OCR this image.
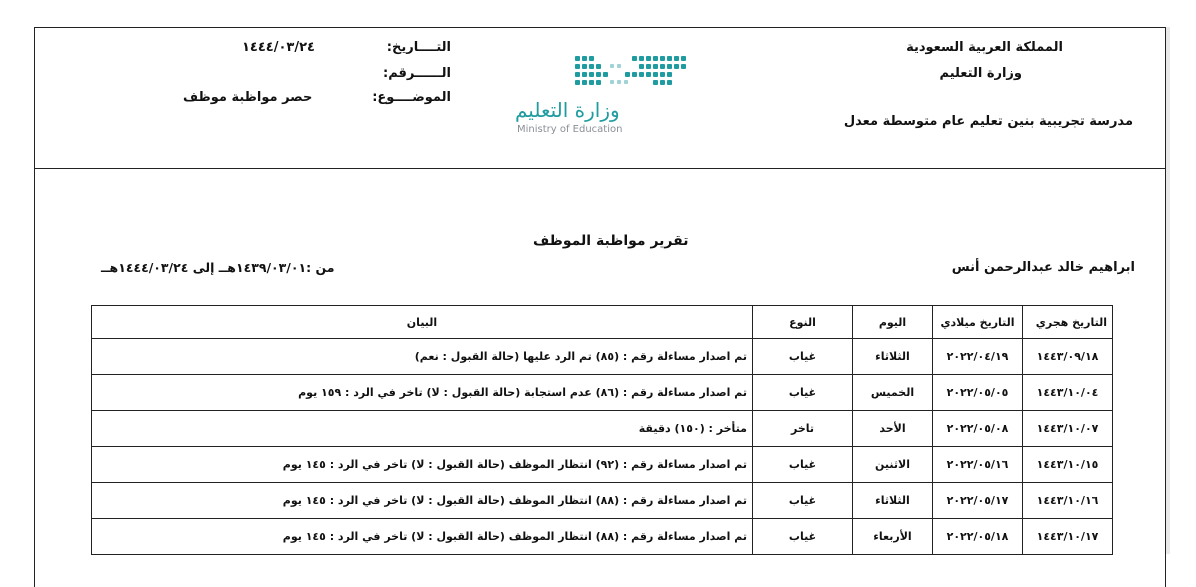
المملكة العربية السعودية
وزارة التعليم
مدرسة تجريبية بنين تعليم عام متوسطة معدل
وزارة التعليم
Ministry of Education
التــــاريخ:
١٤٤٤/٠٣/٢٤
الــــــرقم:
الموضــــوع:
حصر مواظبة موظف
تقرير مواظبة الموظف
ابراهيم خالد عبدالرحمن أنس
من :١٤٣٩/٠٣/٠١هــ إلى ١٤٤٤/٠٣/٢٤هــ
التاريخ هجري	التاريخ ميلادي	اليوم	النوع	البيان
١٤٤٣/٠٩/١٨	٢٠٢٢/٠٤/١٩	الثلاثاء	غياب	تم اصدار مساءلة رقم : (٨٥) تم الرد عليها (حالة القبول : نعم)
١٤٤٣/١٠/٠٤	٢٠٢٢/٠٥/٠٥	الخميس	غياب	تم اصدار مساءلة رقم : (٨٦) عدم استجابة (حالة القبول : لا) تاخر في الرد : ١٥٩ يوم
١٤٤٣/١٠/٠٧	٢٠٢٢/٠٥/٠٨	الأحد	تاخر	متأخر : (١٥٠) دقيقة
١٤٤٣/١٠/١٥	٢٠٢٢/٠٥/١٦	الاثنين	غياب	تم اصدار مساءلة رقم : (٩٢) انتظار الموظف (حالة القبول : لا) تاخر في الرد : ١٤٥ يوم
١٤٤٣/١٠/١٦	٢٠٢٢/٠٥/١٧	الثلاثاء	غياب	تم اصدار مساءلة رقم : (٨٨) انتظار الموظف (حالة القبول : لا) تاخر في الرد : ١٤٥ يوم
١٤٤٣/١٠/١٧	٢٠٢٢/٠٥/١٨	الأربعاء	غياب	تم اصدار مساءلة رقم : (٨٨) انتظار الموظف (حالة القبول : لا) تاخر في الرد : ١٤٥ يوم
